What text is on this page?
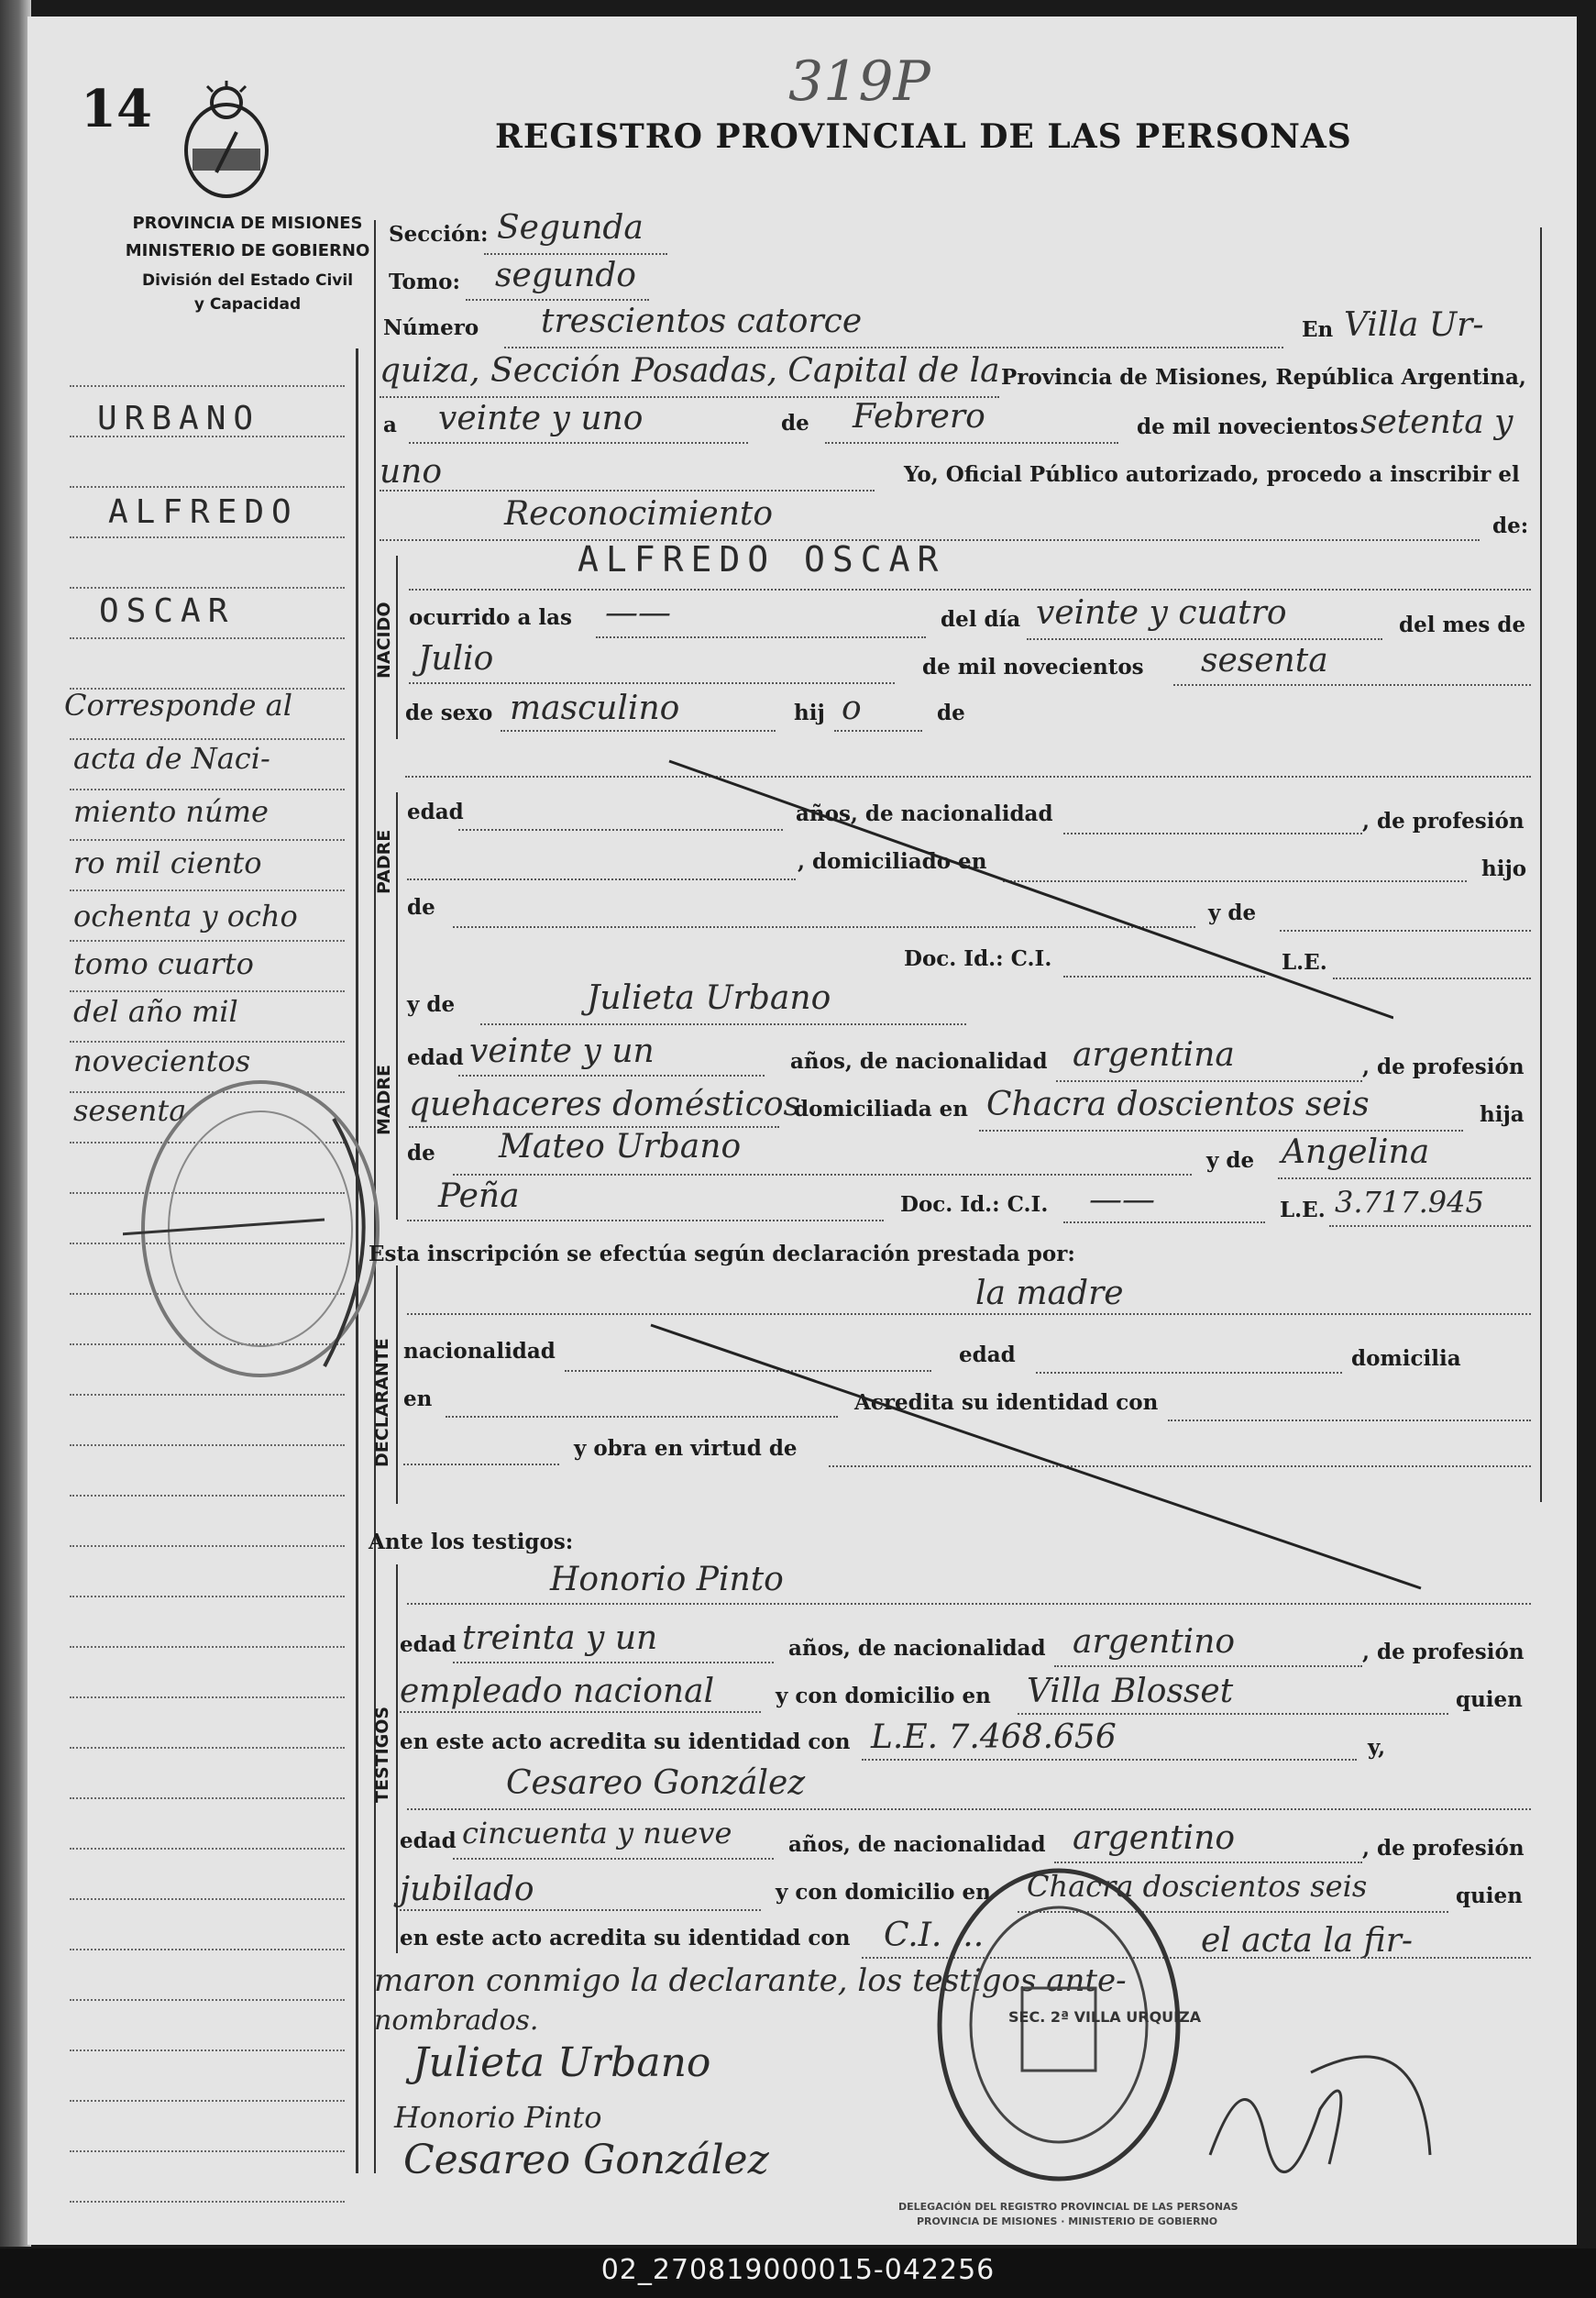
14	319P
REGISTRO PROVINCIAL DE LAS PERSONAS
PROVINCIA DE MISIONES
MINISTERIO DE GOBIERNO
División del Estado Civil
y Capacidad
URBANO
ALFREDO
OSCAR
Corresponde al
acta de Naci-
miento núme
ro mil ciento
ochenta y ocho
tomo cuarto
del año mil
novecientos
sesenta
Sección: Segunda
Tomo: segundo
Número trescientos catorce	En Villa Ur-
quiza, Sección Posadas, Capital de la Provincia de Misiones, República Argentina,
a veinte y uno	de Febrero	de mil novecientos setenta y
uno	Yo, Oficial Público autorizado, procedo a inscribir el
Reconocimiento	de:
NACIDO
ALFREDO OSCAR
ocurrido a las ——	del día veinte y cuatro	del mes de
Julio	de mil novecientos sesenta
de sexo masculino	hij o	de
PADRE
edad	años, de nacionalidad	, de profesión
, domiciliado en	hijo
de	y de
Doc. Id.: C.I.	L.E.
MADRE
y de	Julieta Urbano
edad veinte y un	años, de nacionalidad argentina	, de profesión
quehaceres domésticos
domiciliada en Chacra doscientos seis	hija
de Mateo Urbano	y de Angelina
Peña	Doc. Id.: C.I. ——	L.E. 3.717.945
Esta inscripción se efectúa según declaración prestada por:
DECLARANTE
la madre
nacionalidad	edad	domicilia
en	Acredita su identidad con
y obra en virtud de
Ante los testigos:
TESTIGOS
Honorio Pinto
edad treinta y un	años, de nacionalidad argentino	, de profesión
empleado nacional	y con domicilio en Villa Blosset	quien
en este acto acredita su identidad con L.E. 7.468.656	y,
Cesareo González
edad cincuenta y nueve	años, de nacionalidad argentino	, de profesión
jubilado	y con domicilio en Chacra doscientos seis	quien
en este acto acredita su identidad con C.I. ...	el acta la fir-
maron conmigo la declarante, los testigos ante-
nombrados.
Julieta Urbano
Honorio Pinto
Cesareo González
SEC. 2ª VILLA URQUIZA
DELEGACIÓN DEL REGISTRO PROVINCIAL DE LAS PERSONAS
PROVINCIA DE MISIONES · MINISTERIO DE GOBIERNO
02_270819000015-042256
